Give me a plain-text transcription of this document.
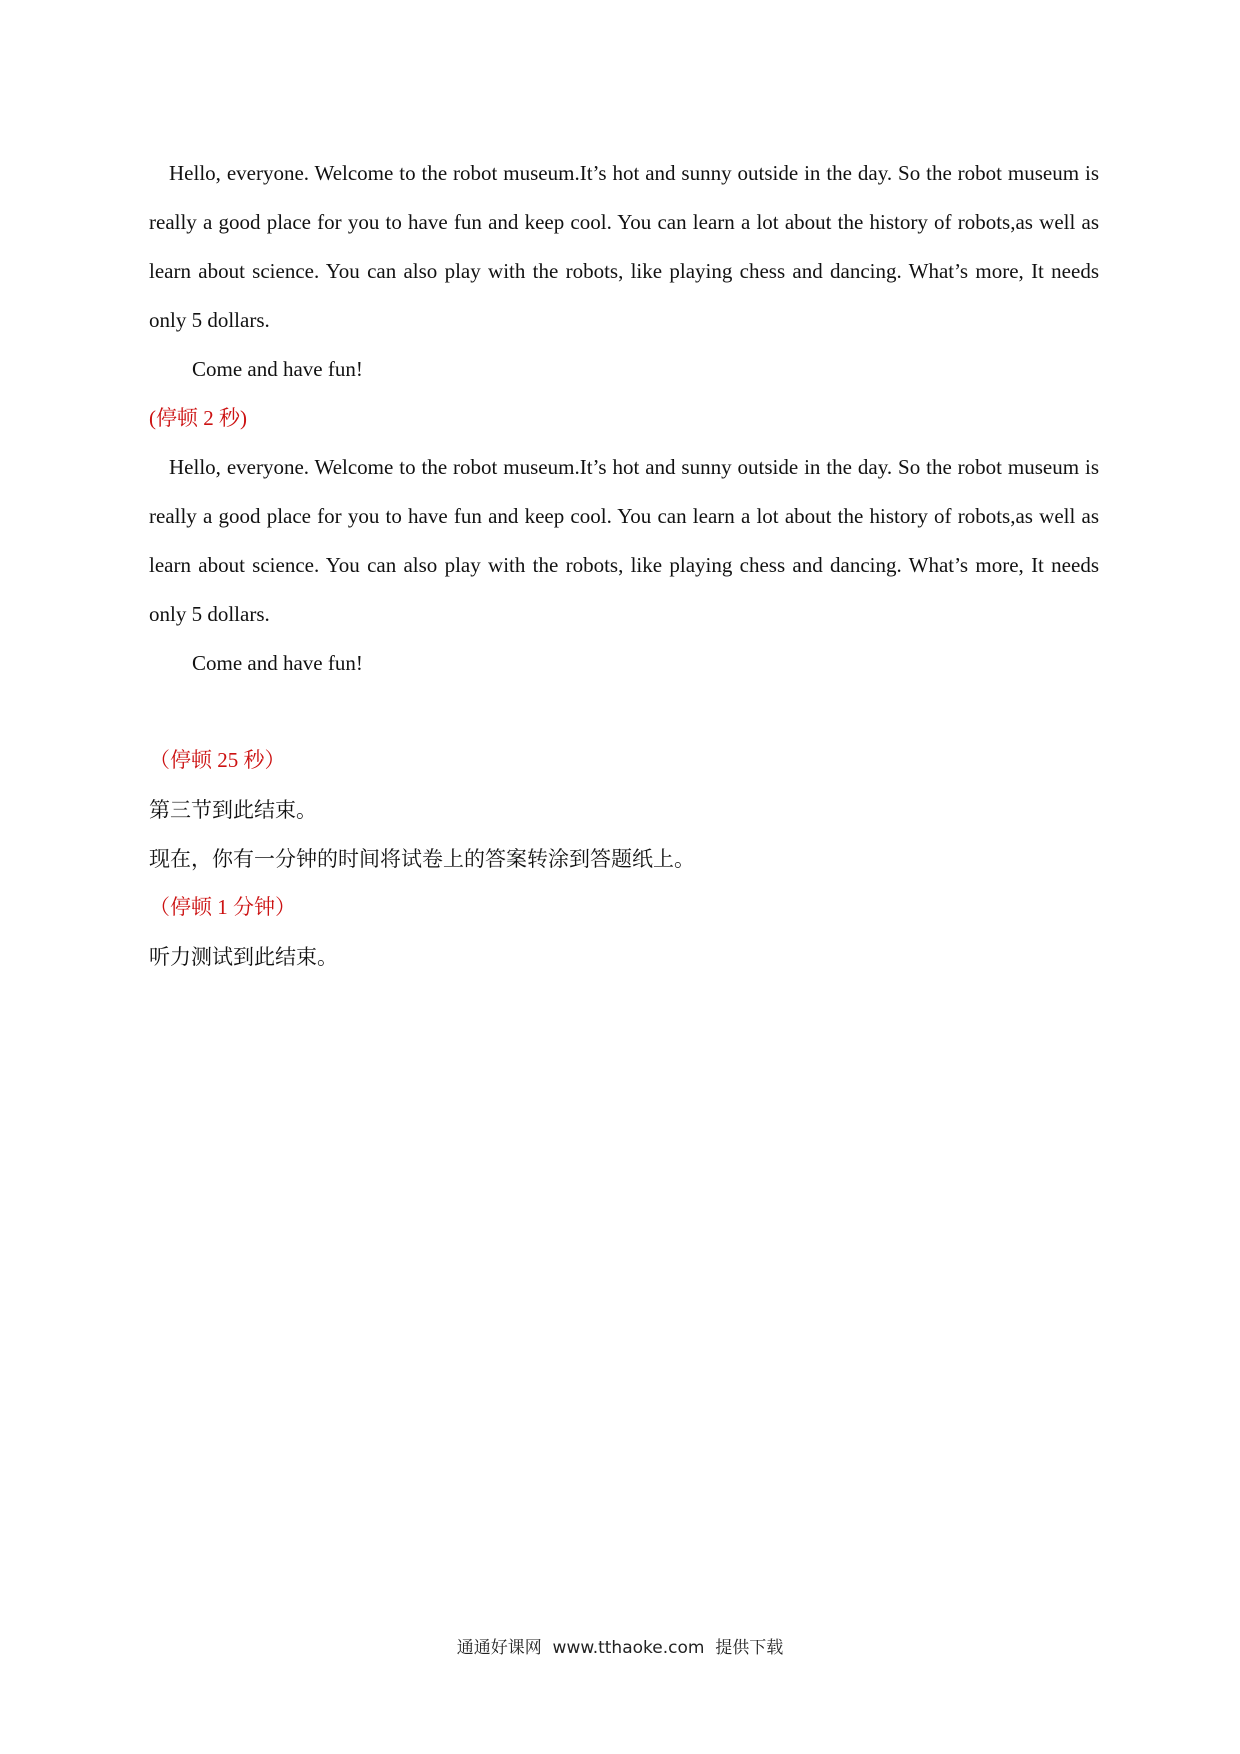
Hello, everyone. Welcome to the robot museum.It’s hot and sunny outside in the day. So the robot museum is really a good place for you to have fun and keep cool. You can learn a lot about the history of robots,as well as learn about science. You can also play with the robots, like playing chess and dancing. What’s more, It needs only 5 dollars.

Come and have fun!

(停顿 2 秒)

Hello, everyone. Welcome to the robot museum.It’s hot and sunny outside in the day. So the robot museum is really a good place for you to have fun and keep cool. You can learn a lot about the history of robots,as well as learn about science. You can also play with the robots, like playing chess and dancing. What’s more, It needs only 5 dollars.

Come and have fun!

（停顿 25 秒）

第三节到此结束。

现在，你有一分钟的时间将试卷上的答案转涂到答题纸上。

（停顿 1 分钟）

听力测试到此结束。

通通好课网  www.tthaoke.com  提供下载
